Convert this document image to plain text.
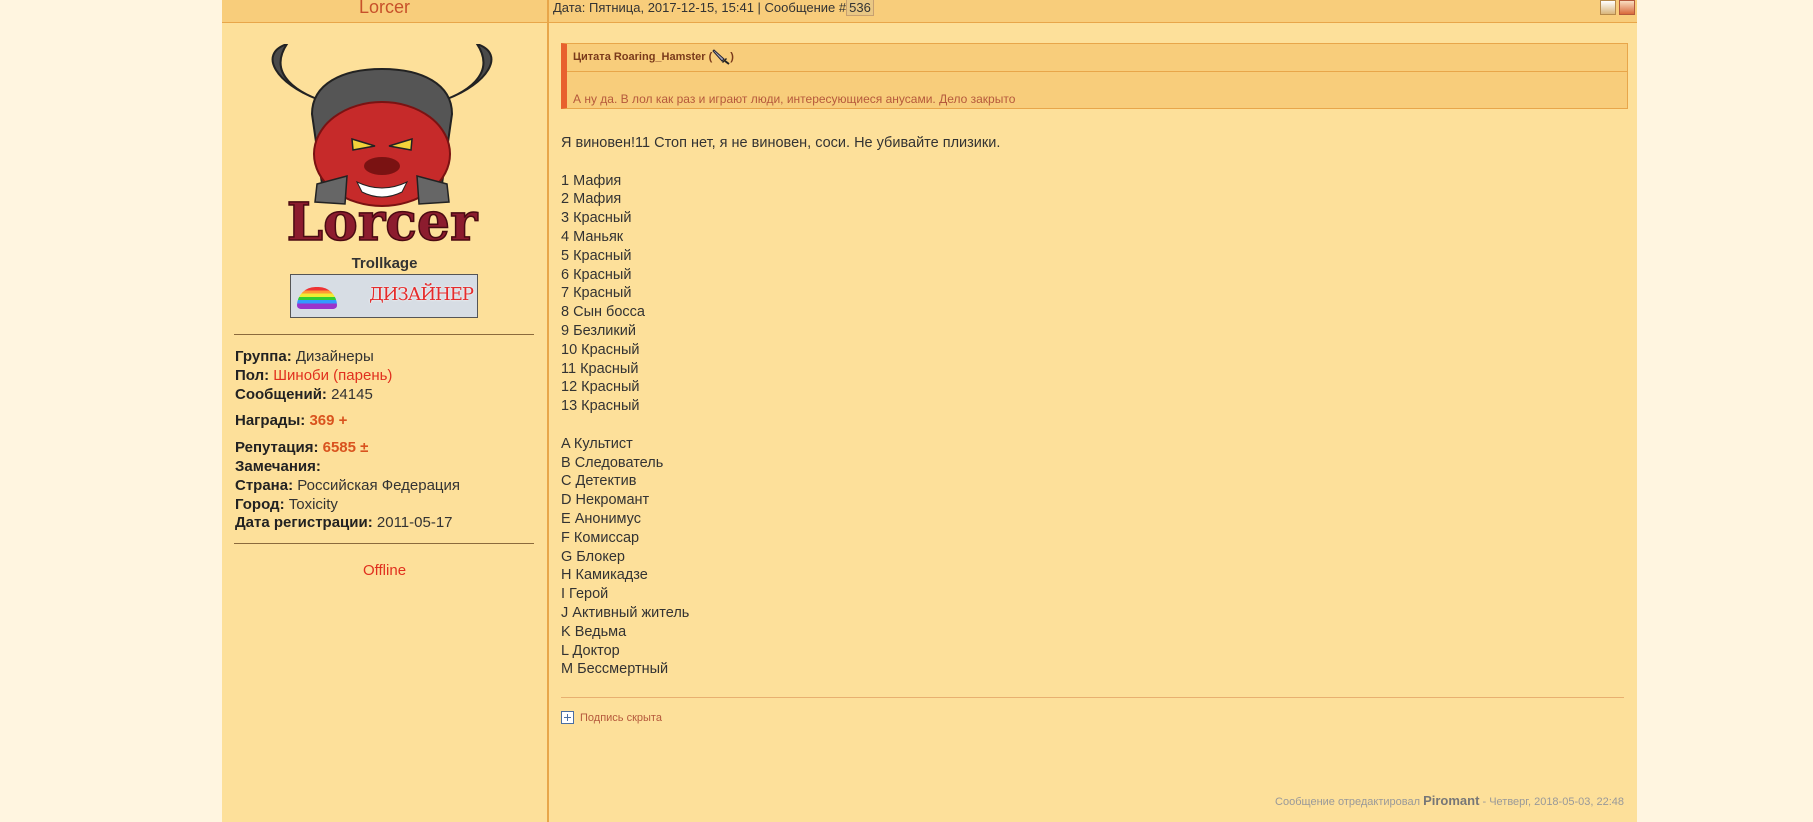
Lorcer	Дата: Пятница, 2017-12-15, 15:41 | Сообщение # 536
Lorcer
Trollkage
ДИЗАЙНЕР
Группа: Дизайнеры
Пол: Шиноби (парень)
Сообщений: 24145
Награды: 369 +
Репутация: 6585 ±
Замечания:
Страна: Российская Федерация
Город: Toxicity
Дата регистрации: 2011-05-17
Offline
Цитата Roaring_Hamster ( )
А ну да. В лол как раз и играют люди, интересующиеся анусами. Дело закрыто

Я виновен!11 Стоп нет, я не виновен, соси. Не убивайте плизики.

1 Мафия

2 Мафия

3 Красный

4 Маньяк

5 Красный

6 Красный

7 Красный

8 Сын босса

9 Безликий

10 Красный

11 Красный

12 Красный

13 Красный

A Культист

B Следователь

C Детектив

D Некромант

E Анонимус

F Комиссар

G Блокер

H Камикадзе

I Герой

J Активный житель

K Ведьма

L Доктор

M Бессмертный

Подпись скрыта
Сообщение отредактировал Piromant - Четверг, 2018-05-03, 22:48
